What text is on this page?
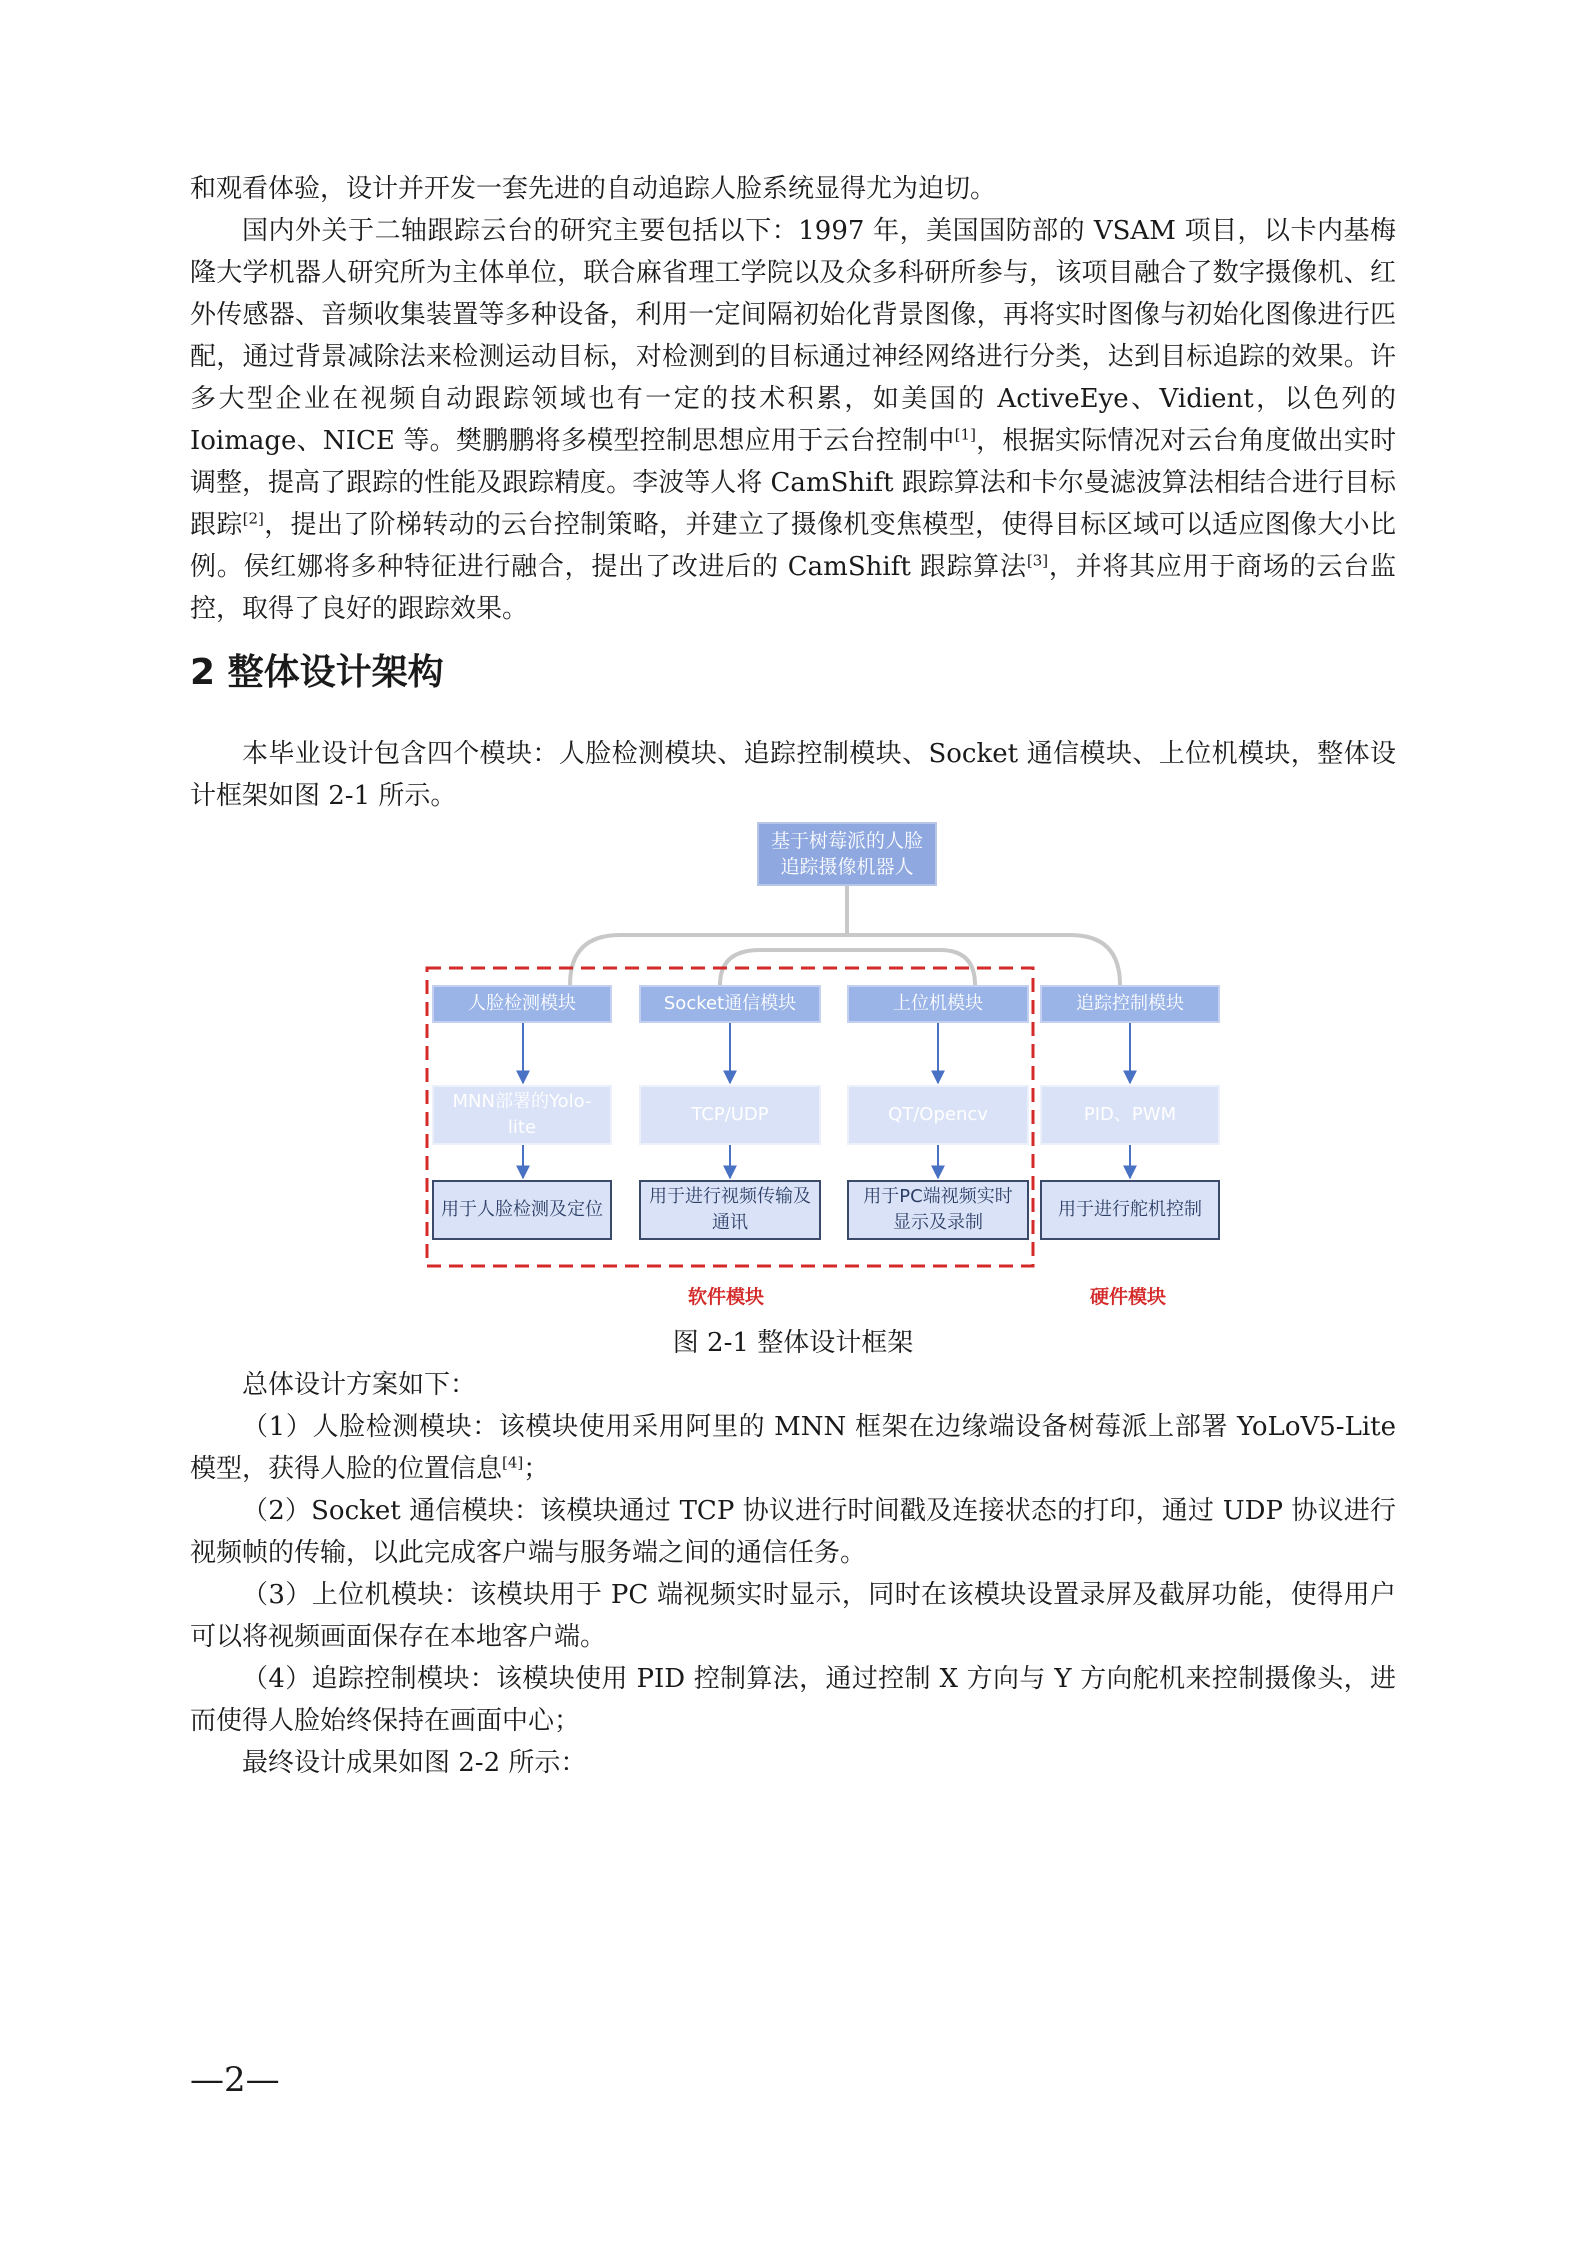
和观看体验，设计并开发一套先进的自动追踪人脸系统显得尤为迫切。

国内外关于二轴跟踪云台的研究主要包括以下：1997 年，美国国防部的 VSAM 项目，以卡内基梅隆大学机器人研究所为主体单位，联合麻省理工学院以及众多科研所参与，该项目融合了数字摄像机、红外传感器、音频收集装置等多种设备，利用一定间隔初始化背景图像，再将实时图像与初始化图像进行匹配，通过背景减除法来检测运动目标，对检测到的目标通过神经网络进行分类，达到目标追踪的效果。许多大型企业在视频自动跟踪领域也有一定的技术积累，如美国的 ActiveEye、Vidient，以色列的 Ioimage、NICE 等。樊鹏鹏将多模型控制思想应用于云台控制中[1]，根据实际情况对云台角度做出实时调整，提高了跟踪的性能及跟踪精度。李波等人将 CamShift 跟踪算法和卡尔曼滤波算法相结合进行目标跟踪[2]，提出了阶梯转动的云台控制策略，并建立了摄像机变焦模型，使得目标区域可以适应图像大小比例。侯红娜将多种特征进行融合，提出了改进后的 CamShift 跟踪算法[3]，并将其应用于商场的云台监控，取得了良好的跟踪效果。

2 整体设计架构

本毕业设计包含四个模块：人脸检测模块、追踪控制模块、Socket 通信模块、上位机模块，整体设计框架如图 2-1 所示。

基于树莓派的人脸追踪摄像机器人
人脸检测模块	Socket通信模块	上位机模块	追踪控制模块
MNN部署的Yolo-lite
TCP/UDP	QT/Opencv	PID、PWM
用于人脸检测及定位
用于进行视频传输及通讯
用于PC端视频实时显示及录制
用于进行舵机控制
软件模块	硬件模块
图 2-1 整体设计框架

总体设计方案如下：

（1）人脸检测模块：该模块使用采用阿里的 MNN 框架在边缘端设备树莓派上部署 YoLoV5-Lite 模型，获得人脸的位置信息[4]；

（2）Socket 通信模块：该模块通过 TCP 协议进行时间戳及连接状态的打印，通过 UDP 协议进行视频帧的传输，以此完成客户端与服务端之间的通信任务。

（3）上位机模块：该模块用于 PC 端视频实时显示，同时在该模块设置录屏及截屏功能，使得用户可以将视频画面保存在本地客户端。

（4）追踪控制模块：该模块使用 PID 控制算法，通过控制 X 方向与 Y 方向舵机来控制摄像头，进而使得人脸始终保持在画面中心；

最终设计成果如图 2-2 所示：

—2—
